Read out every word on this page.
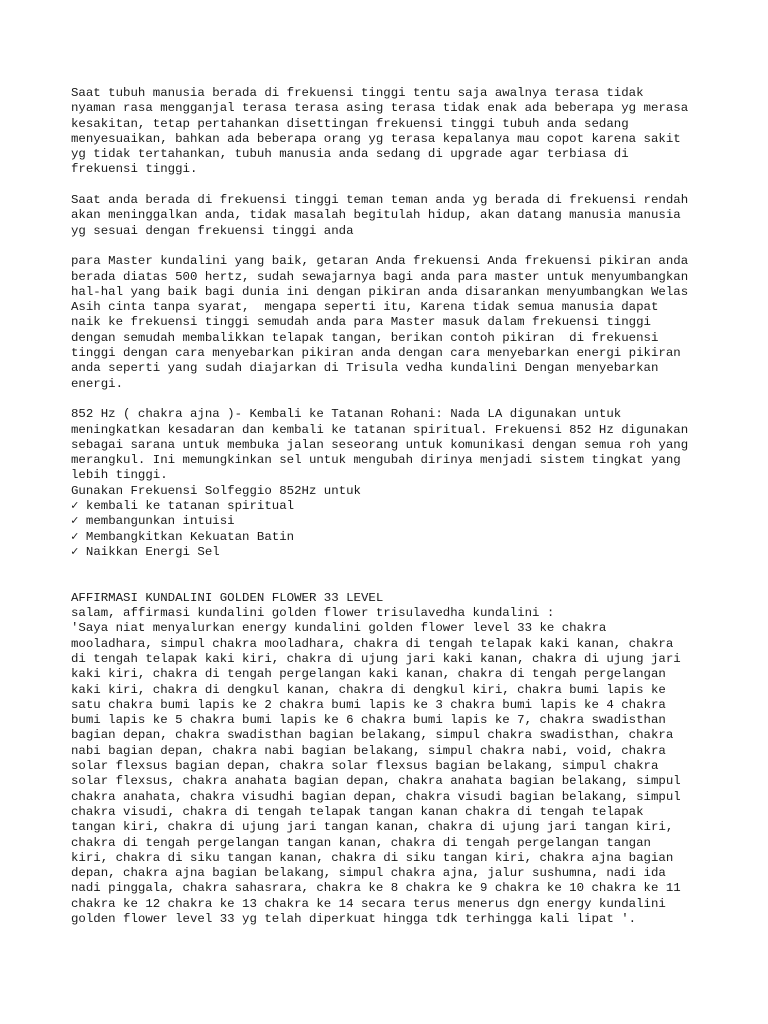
Saat tubuh manusia berada di frekuensi tinggi tentu saja awalnya terasa tidak
nyaman rasa mengganjal terasa terasa asing terasa tidak enak ada beberapa yg merasa
kesakitan, tetap pertahankan disettingan frekuensi tinggi tubuh anda sedang
menyesuaikan, bahkan ada beberapa orang yg terasa kepalanya mau copot karena sakit
yg tidak tertahankan, tubuh manusia anda sedang di upgrade agar terbiasa di
frekuensi tinggi.

Saat anda berada di frekuensi tinggi teman teman anda yg berada di frekuensi rendah
akan meninggalkan anda, tidak masalah begitulah hidup, akan datang manusia manusia
yg sesuai dengan frekuensi tinggi anda

para Master kundalini yang baik, getaran Anda frekuensi Anda frekuensi pikiran anda
berada diatas 500 hertz, sudah sewajarnya bagi anda para master untuk menyumbangkan
hal-hal yang baik bagi dunia ini dengan pikiran anda disarankan menyumbangkan Welas
Asih cinta tanpa syarat,  mengapa seperti itu, Karena tidak semua manusia dapat
naik ke frekuensi tinggi semudah anda para Master masuk dalam frekuensi tinggi
dengan semudah membalikkan telapak tangan, berikan contoh pikiran  di frekuensi
tinggi dengan cara menyebarkan pikiran anda dengan cara menyebarkan energi pikiran
anda seperti yang sudah diajarkan di Trisula vedha kundalini Dengan menyebarkan
energi.

852 Hz ( chakra ajna )- Kembali ke Tatanan Rohani: Nada LA digunakan untuk
meningkatkan kesadaran dan kembali ke tatanan spiritual. Frekuensi 852 Hz digunakan
sebagai sarana untuk membuka jalan seseorang untuk komunikasi dengan semua roh yang
merangkul. Ini memungkinkan sel untuk mengubah dirinya menjadi sistem tingkat yang
lebih tinggi.

Gunakan Frekuensi Solfeggio 852Hz untuk
✓ kembali ke tatanan spiritual
✓ membangunkan intuisi
✓ Membangkitkan Kekuatan Batin
✓ Naikkan Energi Sel
AFFIRMASI KUNDALINI GOLDEN FLOWER 33 LEVEL
salam, affirmasi kundalini golden flower trisulavedha kundalini :

'Saya niat menyalurkan energy kundalini golden flower level 33 ke chakra
mooladhara, simpul chakra mooladhara, chakra di tengah telapak kaki kanan, chakra
di tengah telapak kaki kiri, chakra di ujung jari kaki kanan, chakra di ujung jari
kaki kiri, chakra di tengah pergelangan kaki kanan, chakra di tengah pergelangan
kaki kiri, chakra di dengkul kanan, chakra di dengkul kiri, chakra bumi lapis ke
satu chakra bumi lapis ke 2 chakra bumi lapis ke 3 chakra bumi lapis ke 4 chakra
bumi lapis ke 5 chakra bumi lapis ke 6 chakra bumi lapis ke 7, chakra swadisthan
bagian depan, chakra swadisthan bagian belakang, simpul chakra swadisthan, chakra
nabi bagian depan, chakra nabi bagian belakang, simpul chakra nabi, void, chakra
solar flexsus bagian depan, chakra solar flexsus bagian belakang, simpul chakra
solar flexsus, chakra anahata bagian depan, chakra anahata bagian belakang, simpul
chakra anahata, chakra visudhi bagian depan, chakra visudi bagian belakang, simpul
chakra visudi, chakra di tengah telapak tangan kanan chakra di tengah telapak
tangan kiri, chakra di ujung jari tangan kanan, chakra di ujung jari tangan kiri,
chakra di tengah pergelangan tangan kanan, chakra di tengah pergelangan tangan
kiri, chakra di siku tangan kanan, chakra di siku tangan kiri, chakra ajna bagian
depan, chakra ajna bagian belakang, simpul chakra ajna, jalur sushumna, nadi ida
nadi pinggala, chakra sahasrara, chakra ke 8 chakra ke 9 chakra ke 10 chakra ke 11
chakra ke 12 chakra ke 13 chakra ke 14 secara terus menerus dgn energy kundalini
golden flower level 33 yg telah diperkuat hingga tdk terhingga kali lipat '.
